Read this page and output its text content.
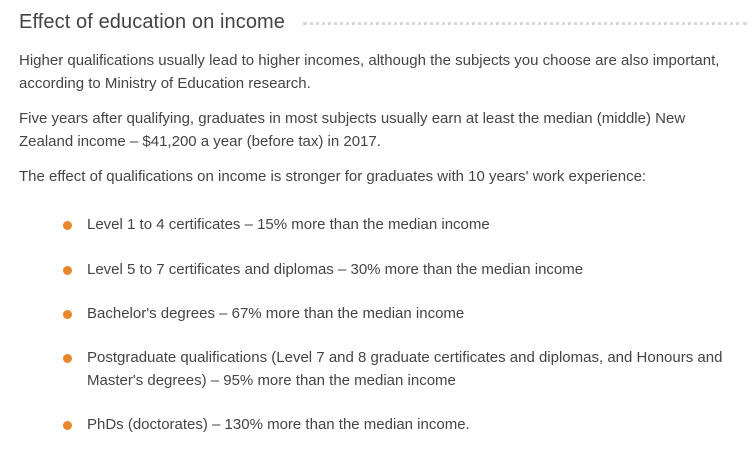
Effect of education on income

Higher qualifications usually lead to higher incomes, although the subjects you choose are also important, according to Ministry of Education research.

Five years after qualifying, graduates in most subjects usually earn at least the median (middle) New Zealand income – $41,200 a year (before tax) in 2017.

The effect of qualifications on income is stronger for graduates with 10 years' work experience:

Level 1 to 4 certificates – 15% more than the median income
Level 5 to 7 certificates and diplomas – 30% more than the median income
Bachelor's degrees – 67% more than the median income
Postgraduate qualifications (Level 7 and 8 graduate certificates and diplomas, and Honours and Master's degrees) – 95% more than the median income
PhDs (doctorates) – 130% more than the median income.
